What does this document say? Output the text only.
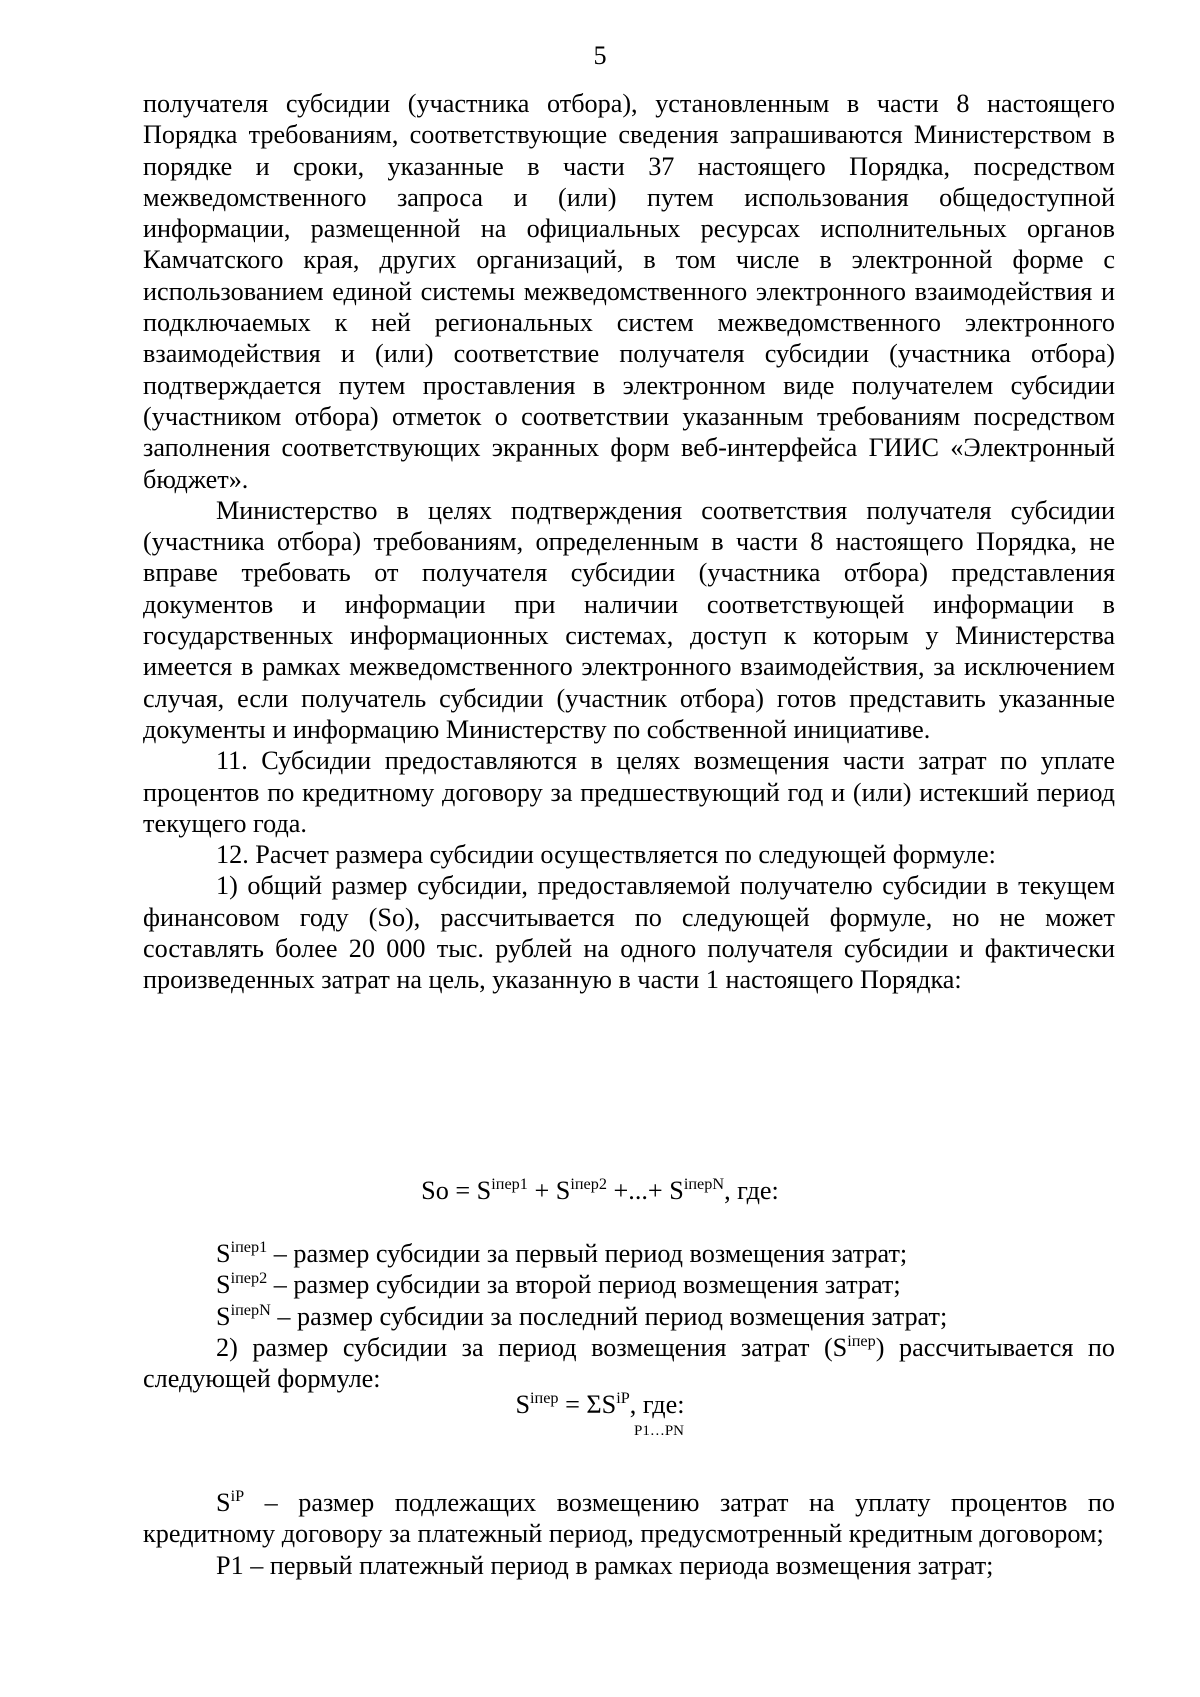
5

получателя субсидии (участника отбора), установленным в части 8 настоящего Порядка требованиям, соответствующие сведения запрашиваются Министерством в порядке и сроки, указанные в части 37 настоящего Порядка, посредством межведомственного запроса и (или) путем использования общедоступной информации, размещенной на официальных ресурсах исполнительных органов Камчатского края, других организаций, в том числе в электронной форме с использованием единой системы межведомственного электронного взаимодействия и подключаемых к ней региональных систем межведомственного электронного взаимодействия и (или) соответствие получателя субсидии (участника отбора) подтверждается путем проставления в электронном виде получателем субсидии (участником отбора) отметок о соответствии указанным требованиям посредством заполнения соответствующих экранных форм веб-интерфейса ГИИС «Электронный бюджет».

Министерство в целях подтверждения соответствия получателя субсидии (участника отбора) требованиям, определенным в части 8 настоящего Порядка, не вправе требовать от получателя субсидии (участника отбора) представления документов и информации при наличии соответствующей информации в государственных информационных системах, доступ к которым у Министерства имеется в рамках межведомственного электронного взаимодействия, за исключением случая, если получатель субсидии (участник отбора) готов представить указанные документы и информацию Министерству по собственной инициативе.

11. Субсидии предоставляются в целях возмещения части затрат по уплате процентов по кредитному договору за предшествующий год и (или) истекший период текущего года.

12. Расчет размера субсидии осуществляется по следующей формуле:

1) общий размер субсидии, предоставляемой получателю субсидии в текущем финансовом году (So), рассчитывается по следующей формуле, но не может составлять более 20 000 тыс. рублей на одного получателя субсидии и фактически произведенных затрат на цель, указанную в части 1 настоящего Порядка:

$So = S^{iпер1} + S^{iпер2}$ +...+ $S^{iперN}$, где:

$S^{iпер1}$ – размер субсидии за первый период возмещения затрат;

$S^{iпер2}$ – размер субсидии за второй период возмещения затрат;

$S^{iперN}$ – размер субсидии за последний период возмещения затрат;

2) размер субсидии за период возмещения затрат $(S^{iпер})$ рассчитывается по следующей формуле:

$S^{iпер} = \Sigma S^{iP}$, где:
P1…PN

$S^{iP}$ – размер подлежащих возмещению затрат на уплату процентов по кредитному договору за платежный период, предусмотренный кредитным договором;

P1 – первый платежный период в рамках периода возмещения затрат;
